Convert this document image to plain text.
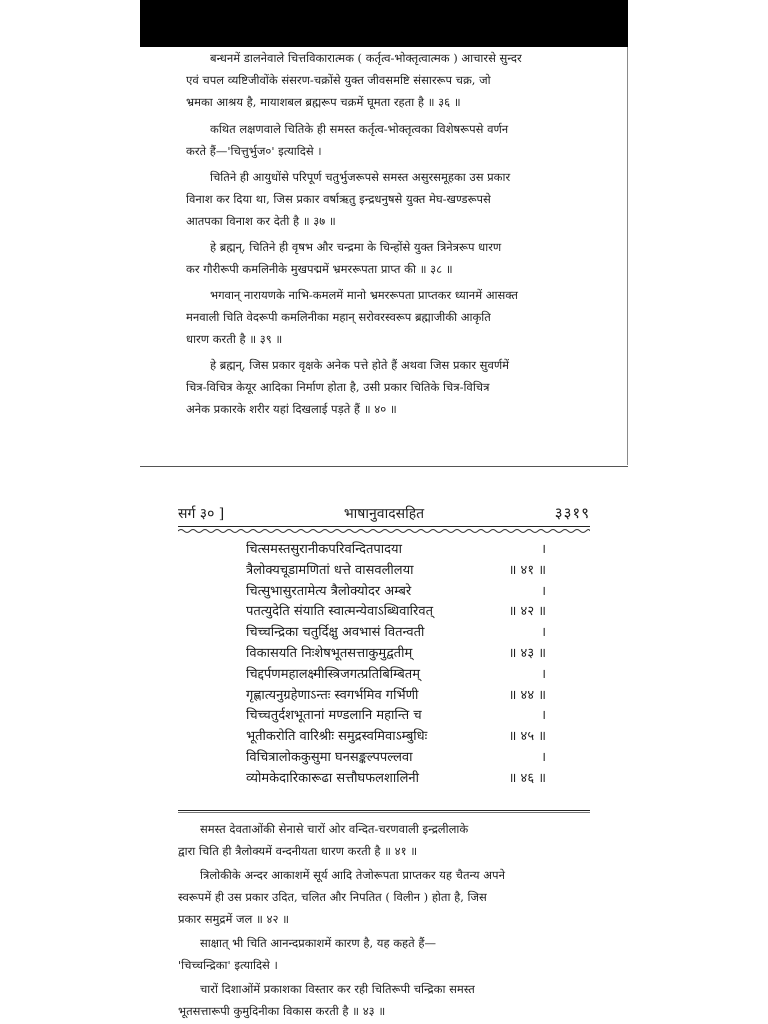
बन्धनमें डालनेवाले चित्तविकारात्मक ( कर्तृत्व-भोक्तृत्वात्मक ) आचारसे सुन्दर
एवं चपल व्यष्टिजीवोंके संसरण-चक्रोंसे युक्त जीवसमष्टि संसाररूप चक्र, जो
भ्रमका आश्रय है, मायाशबल ब्रह्मरूप चक्रमें घूमता रहता है ॥ ३६ ॥
कथित लक्षणवाले चितिके ही समस्त कर्तृत्व-भोक्तृत्वका विशेषरूपसे वर्णन
करते हैं—'चित्तुर्भुज०' इत्यादिसे ।
चितिने ही आयुधोंसे परिपूर्ण चतुर्भुजरूपसे समस्त असुरसमूहका उस प्रकार
विनाश कर दिया था, जिस प्रकार वर्षाऋतु इन्द्रधनुषसे युक्त मेघ-खण्डरूपसे
आतपका विनाश कर देती है ॥ ३७ ॥
हे ब्रह्मन्, चितिने ही वृषभ और चन्द्रमा के चिन्होंसे युक्त त्रिनेत्ररूप धारण
कर गौरीरूपी कमलिनीके मुखपद्ममें भ्रमररूपता प्राप्त की ॥ ३८ ॥
भगवान् नारायणके नाभि-कमलमें मानो भ्रमररूपता प्राप्तकर ध्यानमें आसक्त
मनवाली चिति वेदरूपी कमलिनीका महान् सरोवरस्वरूप ब्रह्माजीकी आकृति
धारण करती है ॥ ३९ ॥
हे ब्रह्मन्, जिस प्रकार वृक्षके अनेक पत्ते होते हैं अथवा जिस प्रकार सुवर्णमें
चित्र-विचित्र केयूर आदिका निर्माण होता है, उसी प्रकार चितिके चित्र-विचित्र
अनेक प्रकारके शरीर यहां दिखलाई पड़ते हैं ॥ ४० ॥
सर्ग ३० ]	भाषानुवादसहित	३३१९
चित्समस्तसुरानीकपरिवन्दितपादया	।
त्रैलोक्यचूडामणितां धत्ते वासवलीलया	॥ ४१ ॥
चित्सुभासुरतामेत्य त्रैलोक्योदर अम्बरे	।
पतत्युदेति संयाति स्वात्मन्येवाऽब्धिवारिवत्	॥ ४२ ॥
चिच्चन्द्रिका चतुर्दिक्षु अवभासं वितन्वती	।
विकासयति निःशेषभूतसत्ताकुमुद्वतीम्	॥ ४३ ॥
चिद्दर्पणमहालक्ष्मीस्त्रिजगत्प्रतिबिम्बितम्	।
गृह्णात्यनुग्रहेणाऽन्तः स्वगर्भमिव गर्भिणी	॥ ४४ ॥
चिच्चतुर्दशभूतानां मण्डलानि महान्ति च	।
भूतीकरोति वारिश्रीः समुद्रस्वमिवाऽम्बुधिः	॥ ४५ ॥
विचित्रालोककुसुमा घनसङ्कल्पपल्लवा	।
व्योमकेदारिकारूढा सत्तौघफलशालिनी	॥ ४६ ॥
समस्त देवताओंकी सेनासे चारों ओर वन्दित-चरणवाली इन्द्रलीलाके
द्वारा चिति ही त्रैलोक्यमें वन्दनीयता धारण करती है ॥ ४१ ॥
त्रिलोकीके अन्दर आकाशमें सूर्य आदि तेजोरूपता प्राप्तकर यह चैतन्य अपने
स्वरूपमें ही उस प्रकार उदित, चलित और निपतित ( विलीन ) होता है, जिस
प्रकार समुद्रमें जल ॥ ४२ ॥
साक्षात् भी चिति आनन्दप्रकाशमें कारण है, यह कहते हैं—
'चिच्चन्द्रिका' इत्यादिसे ।
चारों दिशाओंमें प्रकाशका विस्तार कर रही चितिरूपी चन्द्रिका समस्त
भूतसत्तारूपी कुमुदिनीका विकास करती है ॥ ४३ ॥
